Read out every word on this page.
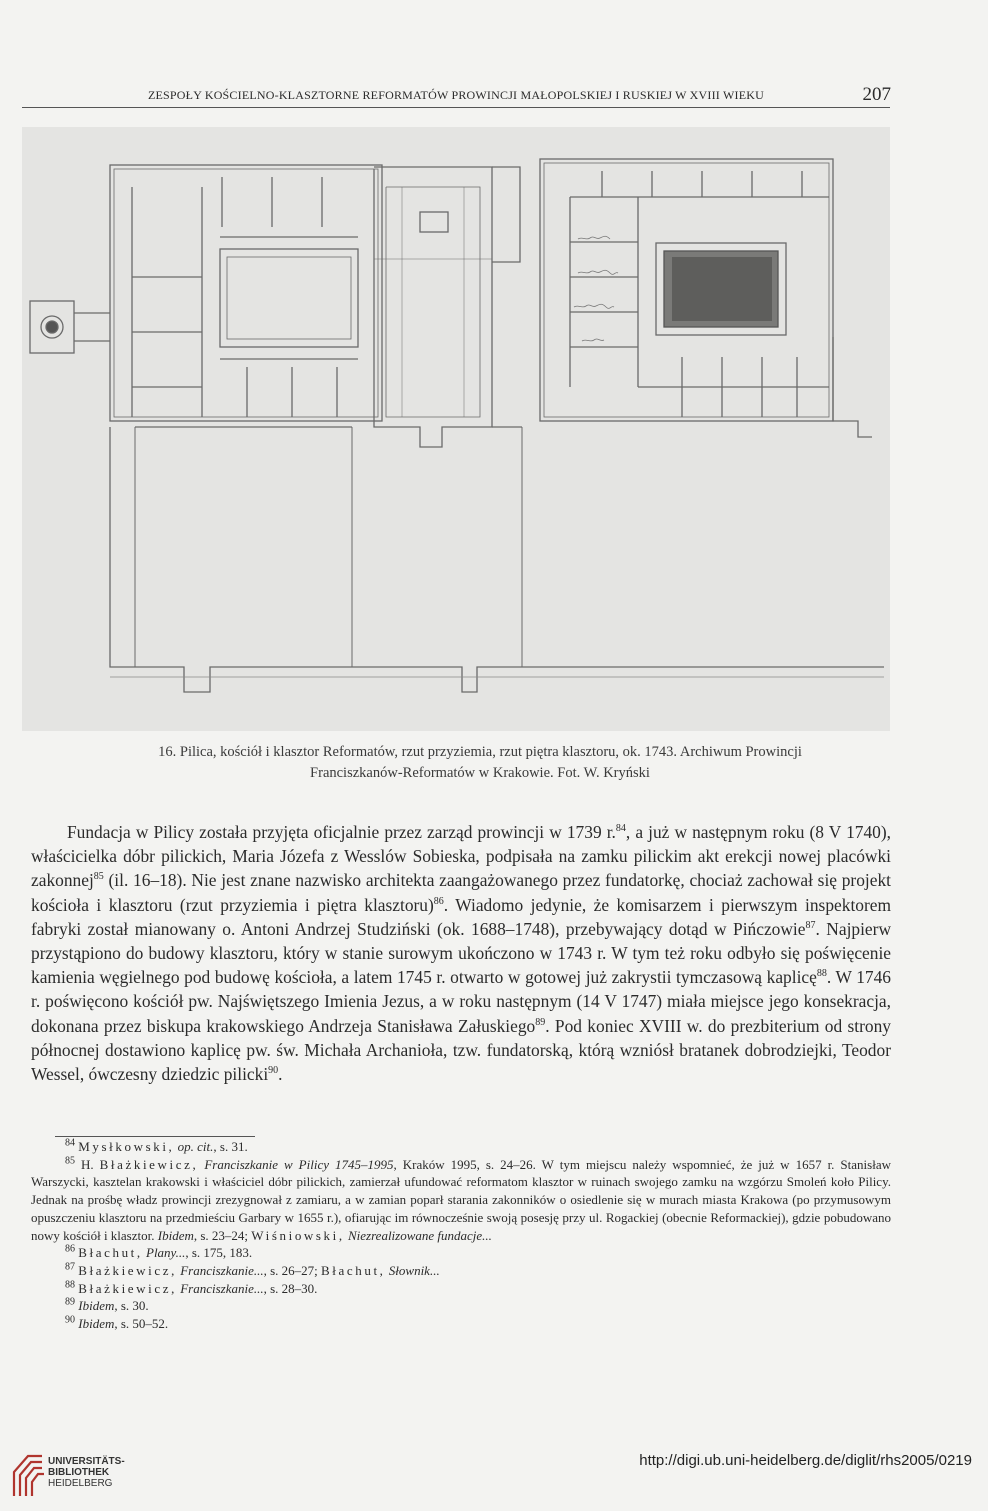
ZESPOŁY KOŚCIELNO-KLASZTORNE REFORMATÓW PROWINCJI MAŁOPOLSKIEJ I RUSKIEJ W XVIII WIEKU	207
16. Pilica, kościół i klasztor Reformatów, rzut przyziemia, rzut piętra klasztoru, ok. 1743. Archiwum Prowincji
Franciszkanów-Reformatów w Krakowie. Fot. W. Kryński

Fundacja w Pilicy została przyjęta oficjalnie przez zarząd prowincji w 1739 r.$^{84}$, a już w następnym roku (8 V 1740), właścicielka dóbr pilickich, Maria Józefa z Wesslów Sobieska, podpisała na zamku pilickim akt erekcji nowej placówki zakonnej$^{85}$ (il. 16–18). Nie jest znane nazwisko architekta zaangażowanego przez fundatorkę, chociaż zachował się projekt kościoła i klasztoru (rzut przyziemia i piętra klasztoru)$^{86}$. Wiadomo jedynie, że komisarzem i pierwszym inspektorem fabryki został mianowany o. Antoni Andrzej Studziński (ok. 1688–1748), przebywający dotąd w Pińczowie$^{87}$. Najpierw przystąpiono do budowy klasztoru, który w stanie surowym ukończono w 1743 r. W tym też roku odbyło się poświęcenie kamienia węgielnego pod budowę kościoła, a latem 1745 r. otwarto w gotowej już zakrystii tymczasową kaplicę$^{88}$. W 1746 r. poświęcono kościół pw. Najświętszego Imienia Jezus, a w roku następnym (14 V 1747) miała miejsce jego konsekracja, dokonana przez biskupa krakowskiego Andrzeja Stanisława Załuskiego$^{89}$. Pod koniec XVIII w. do prezbiterium od strony północnej dostawiono kaplicę pw. św. Michała Archanioła, tzw. fundatorską, którą wzniósł bratanek dobrodziejki, Teodor Wessel, ówczesny dziedzic pilicki$^{90}$.

$^{84}$ Mysłkowski, op. cit., s. 31.
$^{85}$ H. Błażkiewicz, Franciszkanie w Pilicy 1745–1995, Kraków 1995, s. 24–26. W tym miejscu należy wspomnieć, że już w 1657 r. Stanisław Warszycki, kasztelan krakowski i właściciel dóbr pilickich, zamierzał ufundować reformatom klasztor w ruinach swojego zamku na wzgórzu Smoleń koło Pilicy. Jednak na prośbę władz prowincji zrezygnował z zamiaru, a w zamian poparł starania zakonników o osiedlenie się w murach miasta Krakowa (po przymusowym opuszczeniu klasztoru na przedmieściu Garbary w 1655 r.), ofiarując im równocześnie swoją posesję przy ul. Rogackiej (obecnie Reformackiej), gdzie pobudowano nowy kościół i klasztor. Ibidem, s. 23–24; Wiśniowski, Niezrealizowane fundacje...
$^{86}$ Błachut, Plany..., s. 175, 183.
$^{87}$ Błażkiewicz, Franciszkanie..., s. 26–27; Błachut, Słownik...
$^{88}$ Błażkiewicz, Franciszkanie..., s. 28–30.
$^{89}$ Ibidem, s. 30.
$^{90}$ Ibidem, s. 50–52.
UNIVERSITÄTS-
BIBLIOTHEK
HEIDELBERG
http://digi.ub.uni-heidelberg.de/diglit/rhs2005/0219
